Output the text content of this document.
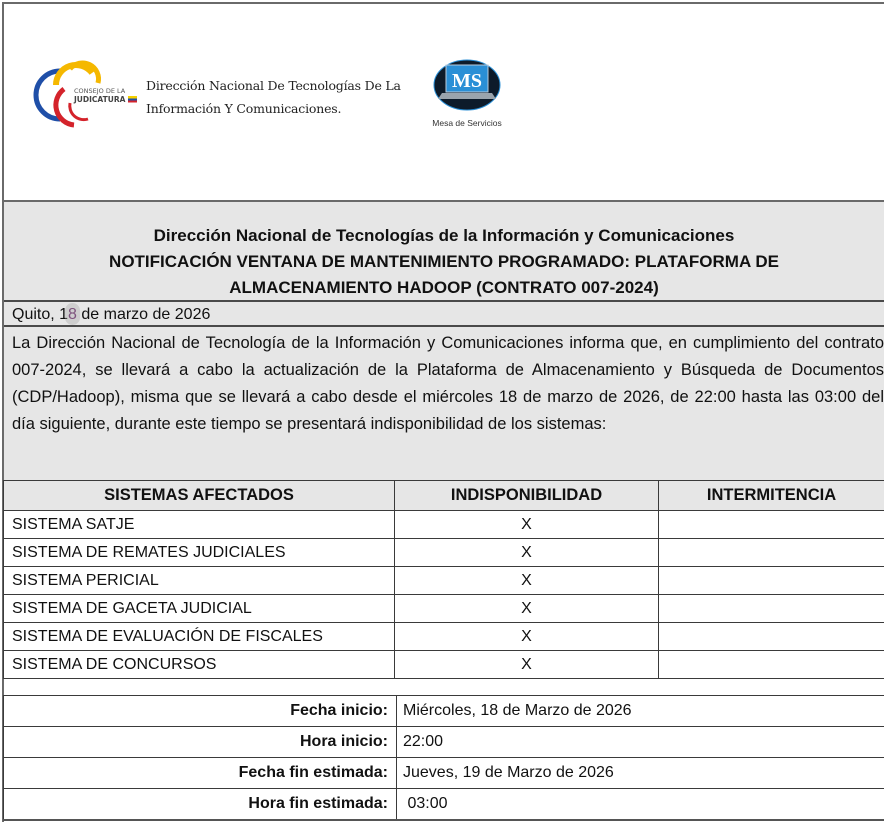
CONSEJO DE LA
JUDICATURA
Dirección Nacional De Tecnologías De La
Información Y Comunicaciones.
MS
Mesa de Servicios
Dirección Nacional de Tecnologías de la Información y Comunicaciones
NOTIFICACIÓN VENTANA DE MANTENIMIENTO PROGRAMADO: PLATAFORMA DE
ALMACENAMIENTO HADOOP (CONTRATO 007-2024)
Quito, 18 de marzo de 2026
La Dirección Nacional de Tecnología de la Información y Comunicaciones informa que, en cumplimiento del contrato 007-2024, se llevará a cabo la actualización de la Plataforma de Almacenamiento y Búsqueda de Documentos (CDP/Hadoop), misma que se llevará a cabo desde el miércoles 18 de marzo de 2026, de 22:00 hasta las 03:00 del día siguiente, durante este tiempo se presentará indisponibilidad de los sistemas:
SISTEMAS AFECTADOS	INDISPONIBILIDAD	INTERMITENCIA
SISTEMA SATJE	X	
SISTEMA DE REMATES JUDICIALES	X	
SISTEMA PERICIAL	X	
SISTEMA DE GACETA JUDICIAL	X	
SISTEMA DE EVALUACIÓN DE FISCALES	X	
SISTEMA DE CONCURSOS	X	
Fecha inicio:	Miércoles, 18 de Marzo de 2026
Hora inicio:	22:00
Fecha fin estimada:	Jueves, 19 de Marzo de 2026
Hora fin estimada:	03:00
